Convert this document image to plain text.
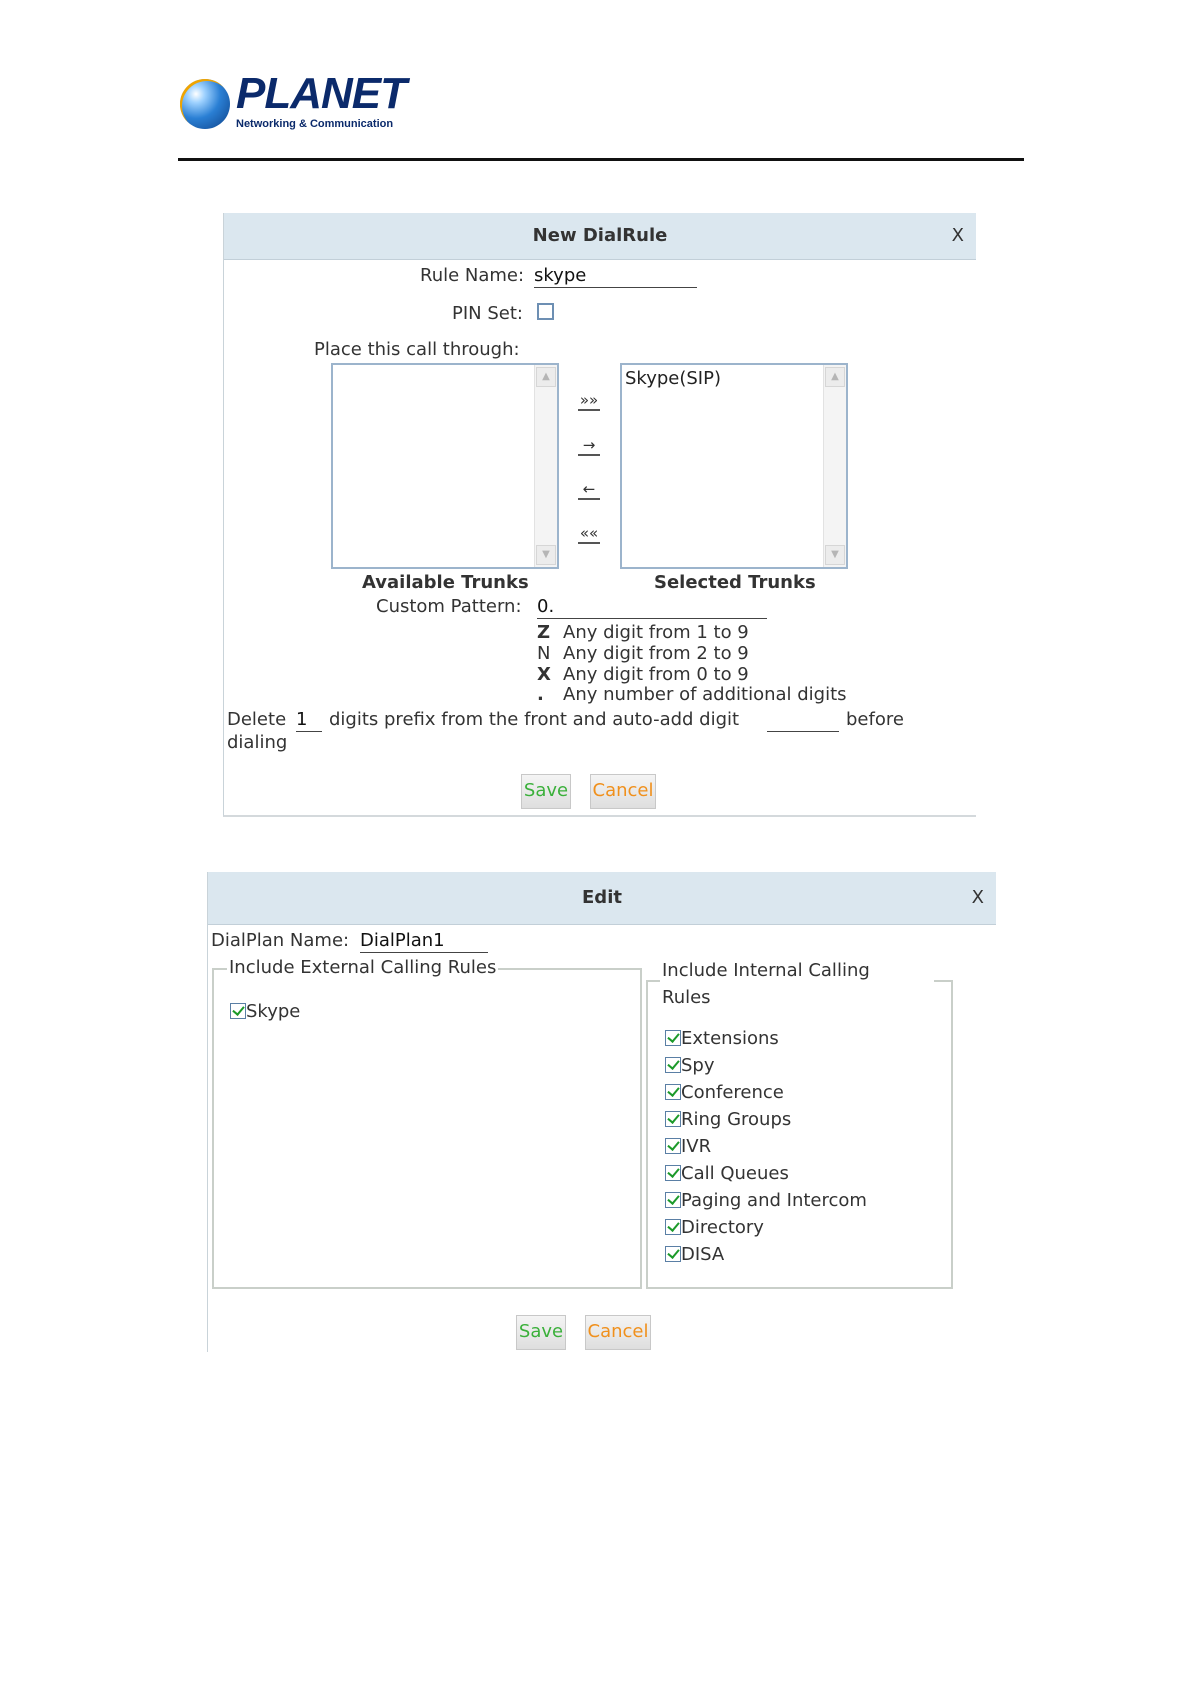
PLANET
Networking & Communication
New DialRule	X
Rule Name: skype
PIN Set:
Place this call through:
▲
▼
»»
→
←
««
Skype(SIP)	▲
▼
Available Trunks	Selected Trunks
Custom Pattern: 0.
Z Any digit from 1 to 9
N Any digit from 2 to 9
X Any digit from 0 to 9
. Any number of additional digits
Delete 1	digits prefix from the front and auto-add digit	before
dialing
Save Cancel
Edit	X
DialPlan Name: DialPlan1
Include External Calling Rules
Skype
Include Internal Calling
Rules
Extensions
Spy
Conference
Ring Groups
IVR
Call Queues
Paging and Intercom
Directory
DISA
Save Cancel
